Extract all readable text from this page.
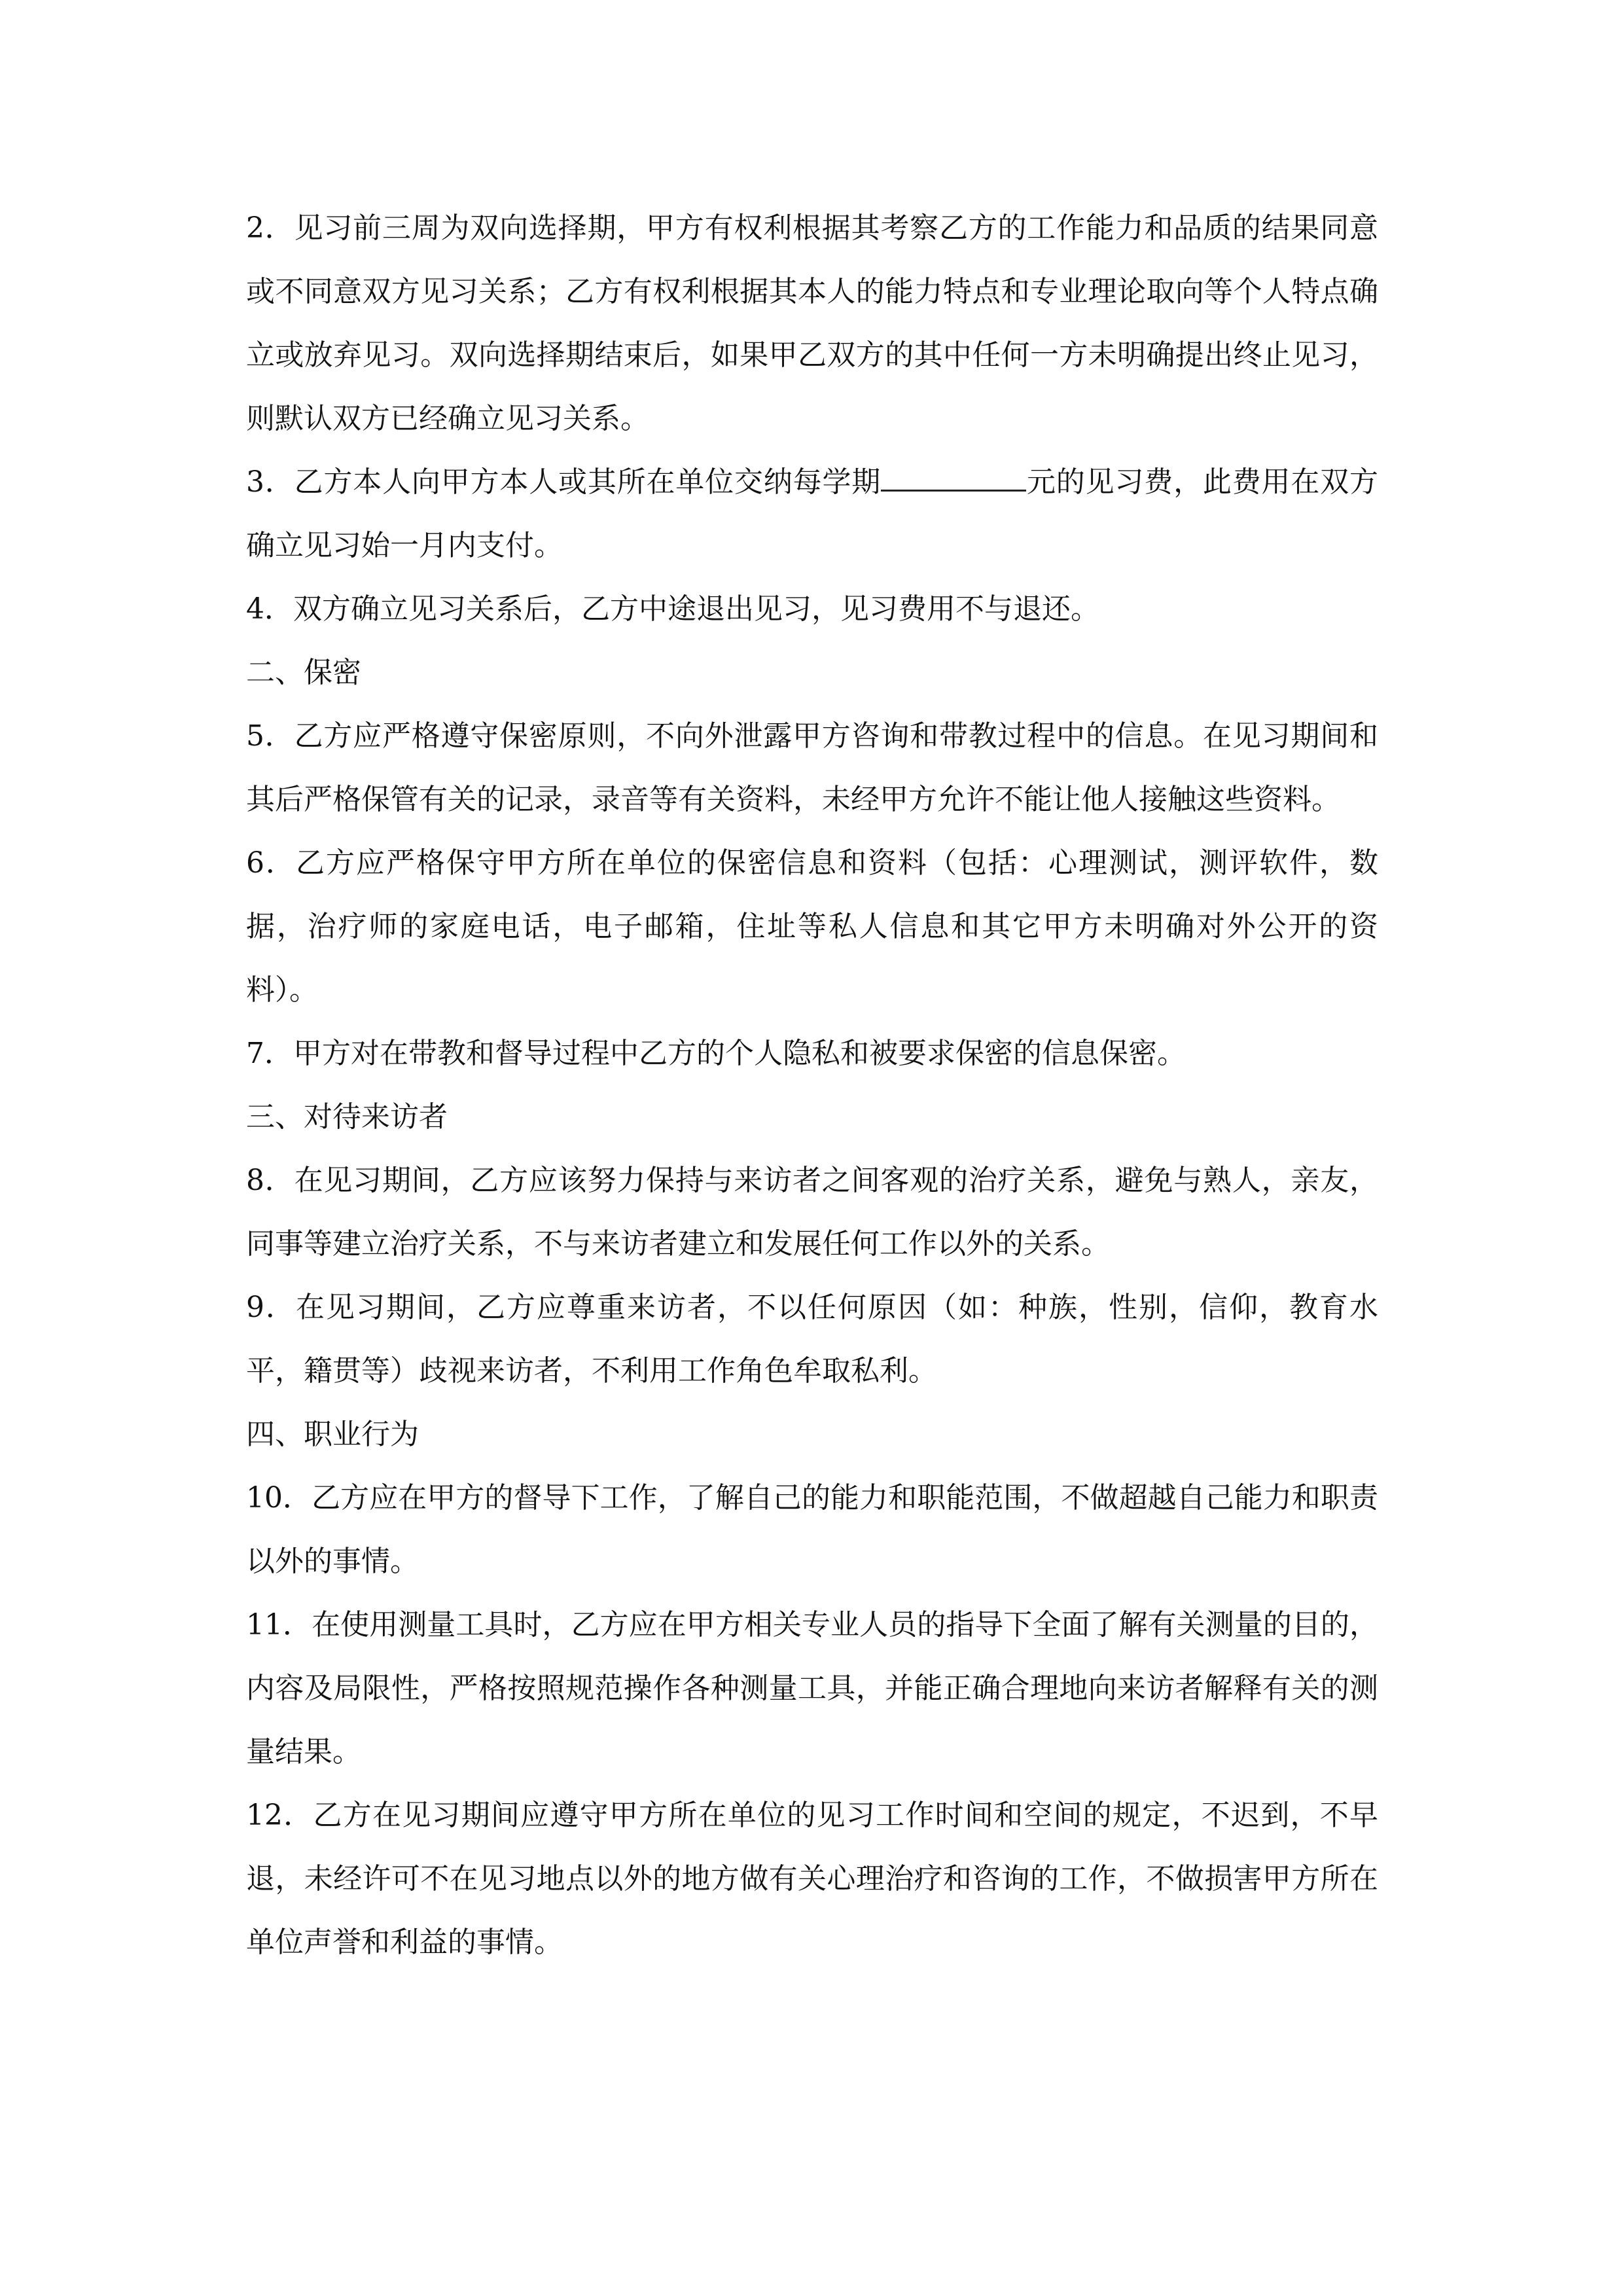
2．见习前三周为双向选择期，甲方有权利根据其考察乙方的工作能力和品质的结果同意或不同意双方见习关系；乙方有权利根据其本人的能力特点和专业理论取向等个人特点确立或放弃见习。双向选择期结束后，如果甲乙双方的其中任何一方未明确提出终止见习，则默认双方已经确立见习关系。

3．乙方本人向甲方本人或其所在单位交纳每学期	元的见习费，此费用在双方确立见习始一月内支付。

4．双方确立见习关系后，乙方中途退出见习，见习费用不与退还。

二、保密

5．乙方应严格遵守保密原则，不向外泄露甲方咨询和带教过程中的信息。在见习期间和其后严格保管有关的记录，录音等有关资料，未经甲方允许不能让他人接触这些资料。

6．乙方应严格保守甲方所在单位的保密信息和资料（包括：心理测试，测评软件，数据，治疗师的家庭电话，电子邮箱，住址等私人信息和其它甲方未明确对外公开的资料）。

7．甲方对在带教和督导过程中乙方的个人隐私和被要求保密的信息保密。

三、对待来访者

8．在见习期间，乙方应该努力保持与来访者之间客观的治疗关系，避免与熟人，亲友，同事等建立治疗关系，不与来访者建立和发展任何工作以外的关系。

9．在见习期间，乙方应尊重来访者，不以任何原因（如：种族，性别，信仰，教育水平，籍贯等）歧视来访者，不利用工作角色牟取私利。

四、职业行为

10．乙方应在甲方的督导下工作，了解自己的能力和职能范围，不做超越自己能力和职责以外的事情。

11．在使用测量工具时，乙方应在甲方相关专业人员的指导下全面了解有关测量的目的，内容及局限性，严格按照规范操作各种测量工具，并能正确合理地向来访者解释有关的测量结果。

12．乙方在见习期间应遵守甲方所在单位的见习工作时间和空间的规定，不迟到，不早退，未经许可不在见习地点以外的地方做有关心理治疗和咨询的工作，不做损害甲方所在单位声誉和利益的事情。
